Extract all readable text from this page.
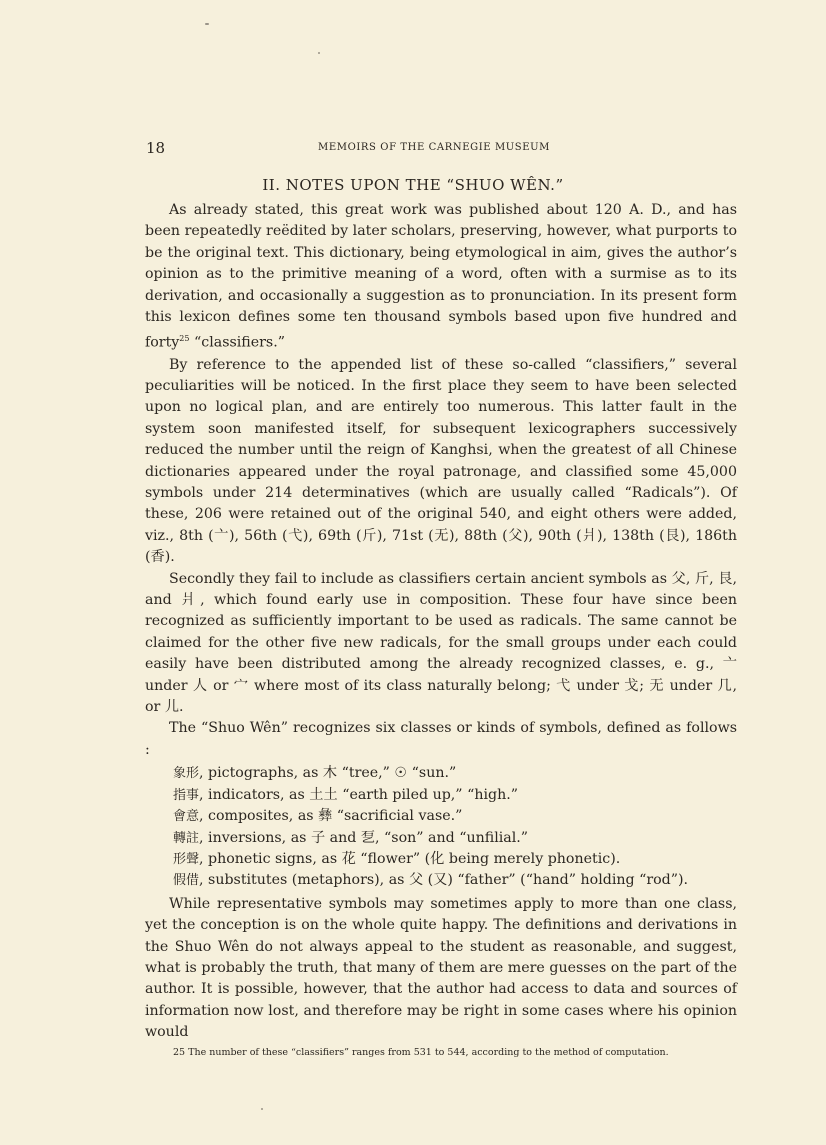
18	MEMOIRS OF THE CARNEGIE MUSEUM
II. NOTES UPON THE “SHUO WÊN.”

As already stated, this great work was published about 120 A. D., and has been repeatedly reëdited by later scholars, preserving, however, what purports to be the original text. This dictionary, being etymological in aim, gives the author’s opinion as to the primitive meaning of a word, often with a surmise as to its derivation, and occasionally a suggestion as to pronunciation. In its present form this lexicon defines some ten thousand symbols based upon five hundred and forty$^{25}$ “classifiers.”

By reference to the appended list of these so-called “classifiers,” several peculiarities will be noticed. In the first place they seem to have been selected upon no logical plan, and are entirely too numerous. This latter fault in the system soon manifested itself, for subsequent lexicographers successively reduced the number until the reign of Kanghsi, when the greatest of all Chinese dictionaries appeared under the royal patronage, and classified some 45,000 symbols under 214 determinatives (which are usually called “Radicals”). Of these, 206 were retained out of the original 540, and eight others were added, viz., 8th (亠), 56th (弋), 69th (斤), 71st (无), 88th (父), 90th (爿), 138th (艮), 186th (香).

Secondly they fail to include as classifiers certain ancient symbols as 父, 斤, 艮, and 爿, which found early use in composition. These four have since been recognized as sufficiently important to be used as radicals. The same cannot be claimed for the other five new radicals, for the small groups under each could easily have been distributed among the already recognized classes, e. g., 亠 under 人 or 宀 where most of its class naturally belong; 弋 under 戈; 无 under 几, or 儿.

The “Shuo Wên” recognizes six classes or kinds of symbols, defined as follows :

象形, pictographs, as 木 “tree,” ☉ “sun.”
指事, indicators, as 土土 “earth piled up,” “high.”
會意, composites, as 彝 “sacrificial vase.”
轉註, inversions, as 子 and 乭, “son” and “unfilial.”
形聲, phonetic signs, as 花 “flower” (化 being merely phonetic).
假借, substitutes (metaphors), as 父 (又) “father” (“hand” holding “rod”).

While representative symbols may sometimes apply to more than one class, yet the conception is on the whole quite happy. The definitions and derivations in the Shuo Wên do not always appeal to the student as reasonable, and suggest, what is probably the truth, that many of them are mere guesses on the part of the author. It is possible, however, that the author had access to data and sources of information now lost, and therefore may be right in some cases where his opinion would

25 The number of these “classifiers” ranges from 531 to 544, according to the method of computation.
